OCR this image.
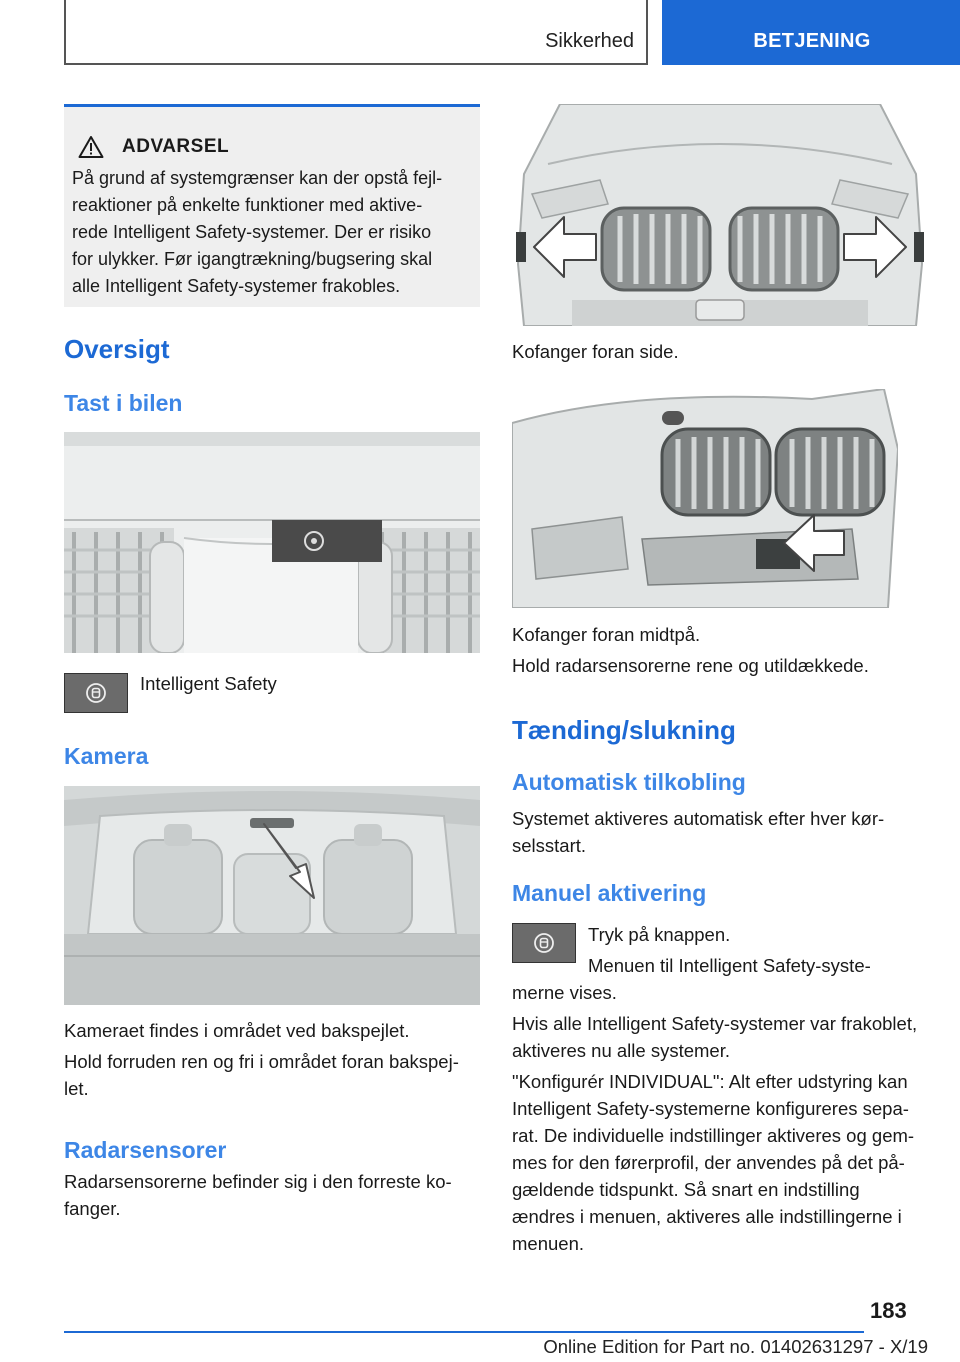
Sikkerhed	BETJENING
ADVARSEL
På grund af systemgrænser kan der opstå fejl-
reaktioner på enkelte funktioner med aktive-
rede Intelligent Safety-systemer. Der er risiko
for ulykker. Før igangtrækning/bugsering skal
alle Intelligent Safety-systemer frakobles.
Oversigt
Tast i bilen
Intelligent Safety
Kamera
Kameraet findes i området ved bakspejlet.
Hold forruden ren og fri i området foran bakspej-
let.
Radarsensorer
Radarsensorerne befinder sig i den forreste ko-
fanger.
Kofanger foran side.
Kofanger foran midtpå.
Hold radarsensorerne rene og utildækkede.
Tænding/slukning
Automatisk tilkobling
Systemet aktiveres automatisk efter hver kør-
selsstart.
Manuel aktivering
Tryk på knappen.
Menuen til Intelligent Safety-syste-
merne vises.
Hvis alle Intelligent Safety-systemer var frakoblet,
aktiveres nu alle systemer.
"Konfigurér INDIVIDUAL": Alt efter udstyring kan
Intelligent Safety-systemerne konfigureres sepa-
rat. De individuelle indstillinger aktiveres og gem-
mes for den førerprofil, der anvendes på det på-
gældende tidspunkt. Så snart en indstilling
ændres i menuen, aktiveres alle indstillingerne i
menuen.
183
Online Edition for Part no. 01402631297 - X/19
